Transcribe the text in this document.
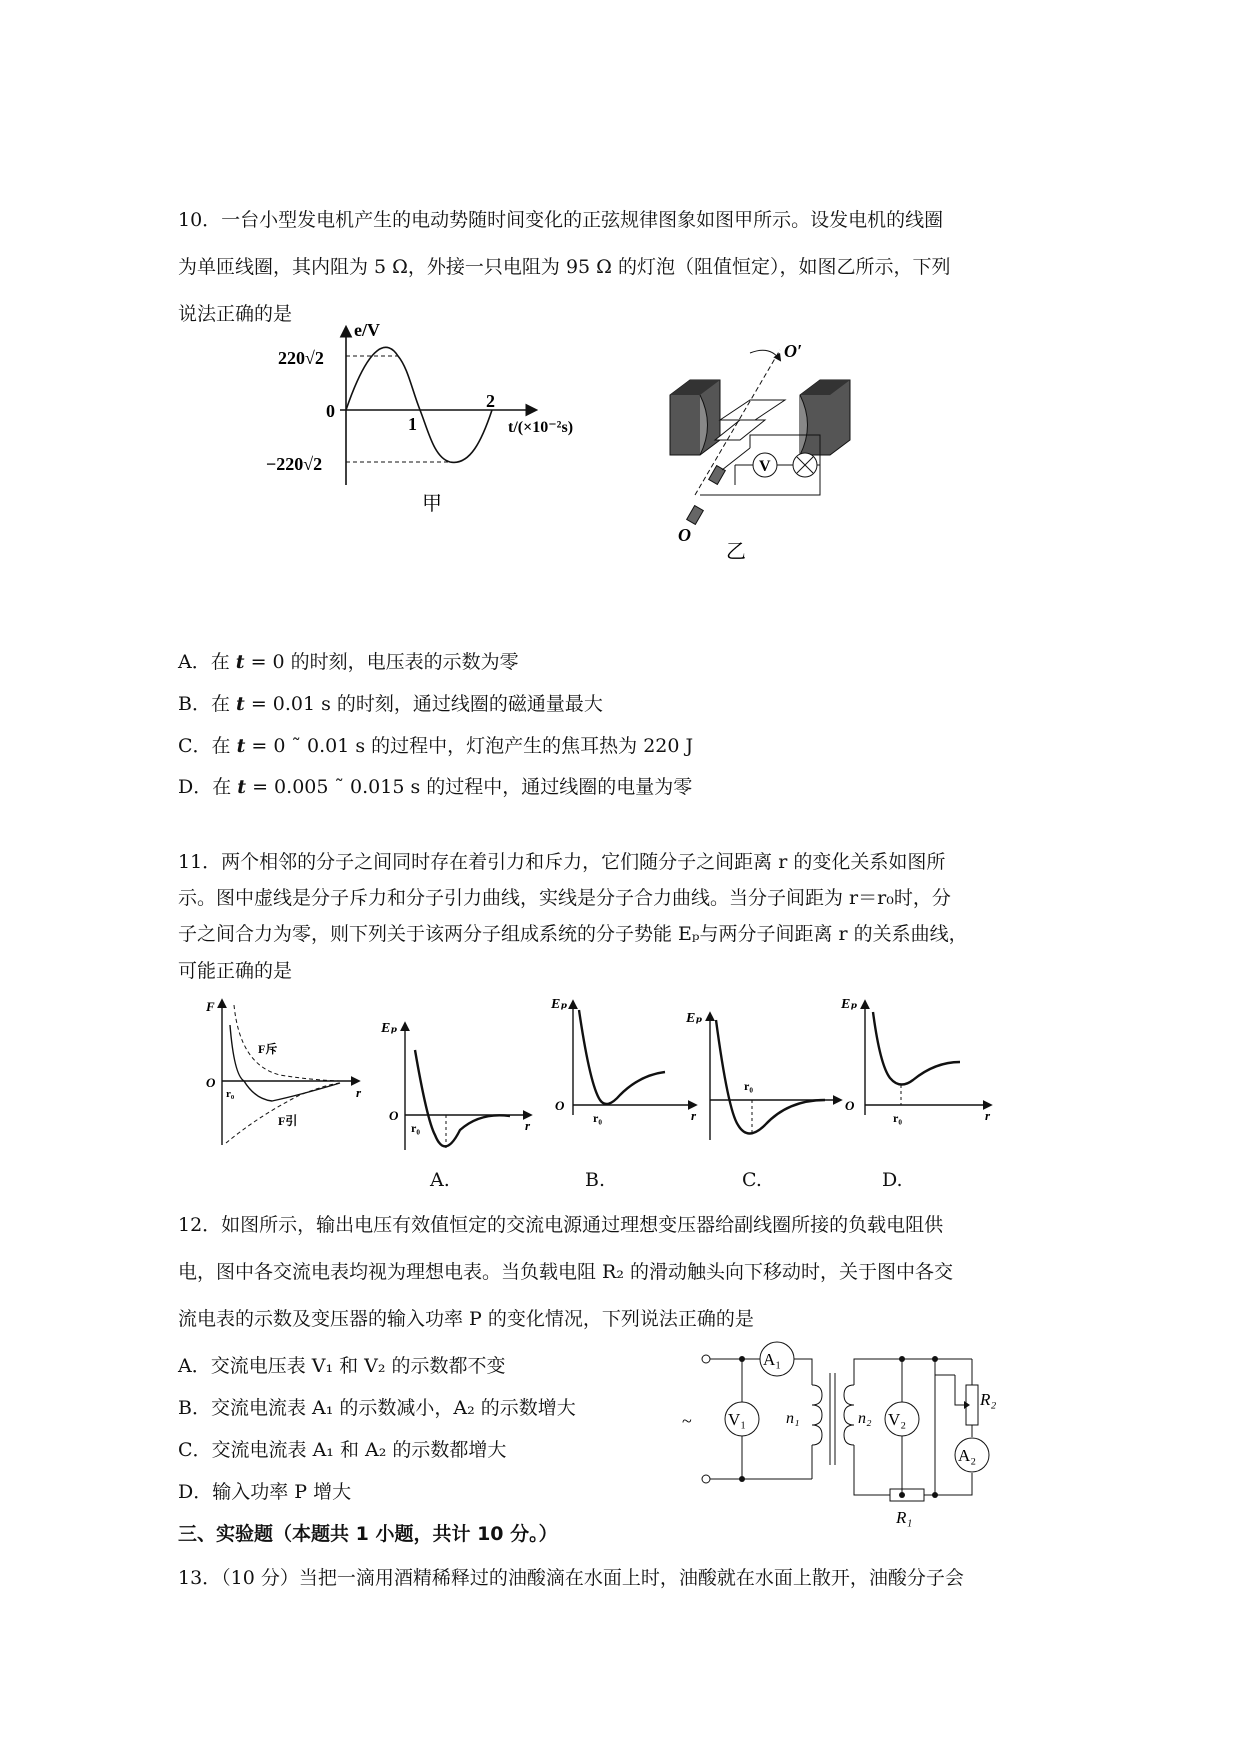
10．一台小型发电机产生的电动势随时间变化的正弦规律图象如图甲所示。设发电机的线圈
为单匝线圈，其内阻为 5 Ω，外接一只电阻为 95 Ω 的灯泡（阻值恒定），如图乙所示，下列
说法正确的是
e/V
220√2
0
−220√2
1
2
t/(×10⁻²s)
甲
V
O′
O
乙
A．在 t = 0 的时刻，电压表的示数为零
B．在 t = 0.01 s 的时刻，通过线圈的磁通量最大
C．在 t = 0 ˜ 0.01 s 的过程中，灯泡产生的焦耳热为 220 J
D．在 t = 0.005 ˜ 0.015 s 的过程中，通过线圈的电量为零
11．两个相邻的分子之间同时存在着引力和斥力，它们随分子之间距离 r 的变化关系如图所
示。图中虚线是分子斥力和分子引力曲线，实线是分子合力曲线。当分子间距为 r＝r₀时，分
子之间合力为零，则下列关于该两分子组成系统的分子势能 Eₚ与两分子间距离 r 的关系曲线，
可能正确的是
F
r
O
r₀
F斥
F引
Eₚ
O
r₀	r
Eₚ
O
r₀	r
Eₚ
r₀
Eₚ
O
r₀	r
A.	B.	C.	D.
12．如图所示，输出电压有效值恒定的交流电源通过理想变压器给副线圈所接的负载电阻供
电，图中各交流电表均视为理想电表。当负载电阻 R₂ 的滑动触头向下移动时，关于图中各交
流电表的示数及变压器的输入功率 P 的变化情况，下列说法正确的是
A．交流电压表 V₁ 和 V₂ 的示数都不变
B．交流电流表 A₁ 的示数减小，A₂ 的示数增大
C．交流电流表 A₁ 和 A₂ 的示数都增大
D．输入功率 P 增大
V₁
~
A₁
n₁	n₂
R₁
V₂
R₂
A₂
三、实验题（本题共 1 小题，共计 10 分。）
13．（10 分）当把一滴用酒精稀释过的油酸滴在水面上时，油酸就在水面上散开，油酸分子会
